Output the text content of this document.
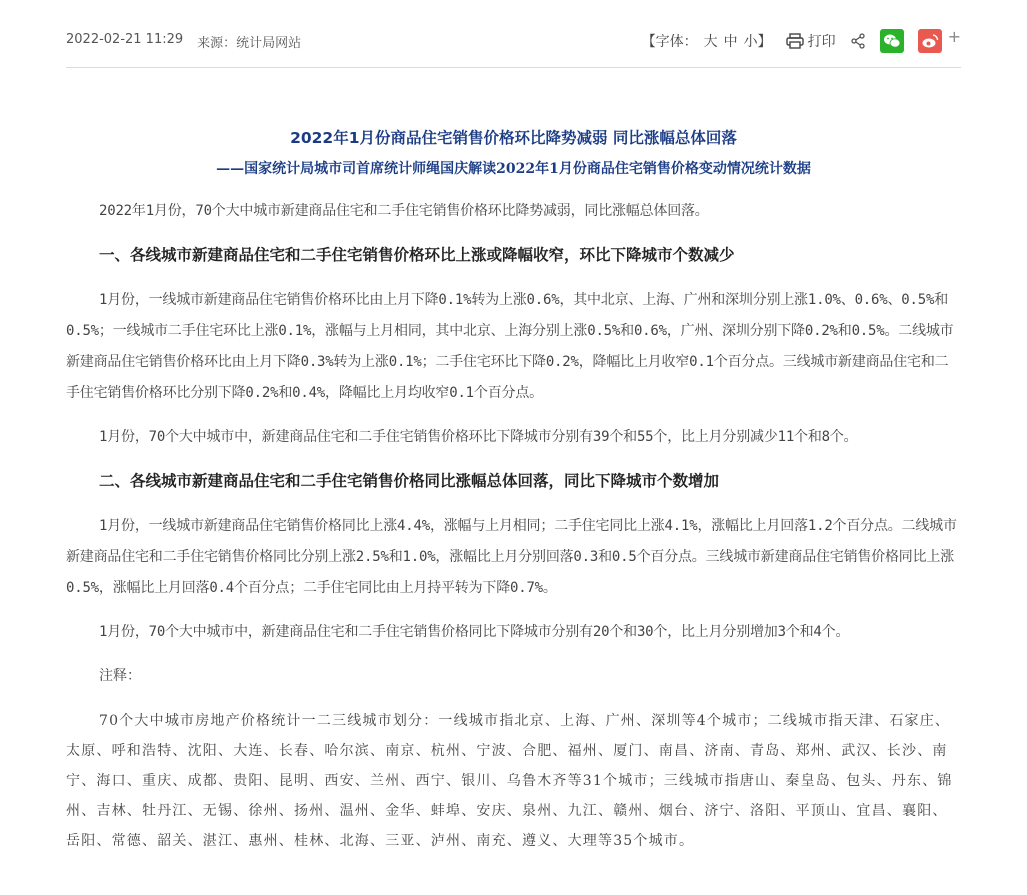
2022-02-21 11:29 来源：统计局网站	【字体： 大 中 小】	打印	+

2022年1月份商品住宅销售价格环比降势减弱 同比涨幅总体回落

——国家统计局城市司首席统计师绳国庆解读2022年1月份商品住宅销售价格变动情况统计数据

2022年1月份，70个大中城市新建商品住宅和二手住宅销售价格环比降势减弱，同比涨幅总体回落。

一、各线城市新建商品住宅和二手住宅销售价格环比上涨或降幅收窄，环比下降城市个数减少

1月份，一线城市新建商品住宅销售价格环比由上月下降0.1%转为上涨0.6%，其中北京、上海、广州和深圳分别上涨1.0%、0.6%、0.5%和0.5%；一线城市二手住宅环比上涨0.1%，涨幅与上月相同，其中北京、上海分别上涨0.5%和0.6%，广州、深圳分别下降0.2%和0.5%。二线城市新建商品住宅销售价格环比由上月下降0.3%转为上涨0.1%；二手住宅环比下降0.2%，降幅比上月收窄0.1个百分点。三线城市新建商品住宅和二手住宅销售价格环比分别下降0.2%和0.4%，降幅比上月均收窄0.1个百分点。

1月份，70个大中城市中，新建商品住宅和二手住宅销售价格环比下降城市分别有39个和55个，比上月分别减少11个和8个。

二、各线城市新建商品住宅和二手住宅销售价格同比涨幅总体回落，同比下降城市个数增加

1月份，一线城市新建商品住宅销售价格同比上涨4.4%，涨幅与上月相同；二手住宅同比上涨4.1%，涨幅比上月回落1.2个百分点。二线城市新建商品住宅和二手住宅销售价格同比分别上涨2.5%和1.0%，涨幅比上月分别回落0.3和0.5个百分点。三线城市新建商品住宅销售价格同比上涨0.5%，涨幅比上月回落0.4个百分点；二手住宅同比由上月持平转为下降0.7%。

1月份，70个大中城市中，新建商品住宅和二手住宅销售价格同比下降城市分别有20个和30个，比上月分别增加3个和4个。

注释：

70个大中城市房地产价格统计一二三线城市划分：一线城市指北京、上海、广州、深圳等4个城市；二线城市指天津、石家庄、太原、呼和浩特、沈阳、大连、长春、哈尔滨、南京、杭州、宁波、合肥、福州、厦门、南昌、济南、青岛、郑州、武汉、长沙、南宁、海口、重庆、成都、贵阳、昆明、西安、兰州、西宁、银川、乌鲁木齐等31个城市；三线城市指唐山、秦皇岛、包头、丹东、锦州、吉林、牡丹江、无锡、徐州、扬州、温州、金华、蚌埠、安庆、泉州、九江、赣州、烟台、济宁、洛阳、平顶山、宜昌、襄阳、岳阳、常德、韶关、湛江、惠州、桂林、北海、三亚、泸州、南充、遵义、大理等35个城市。
